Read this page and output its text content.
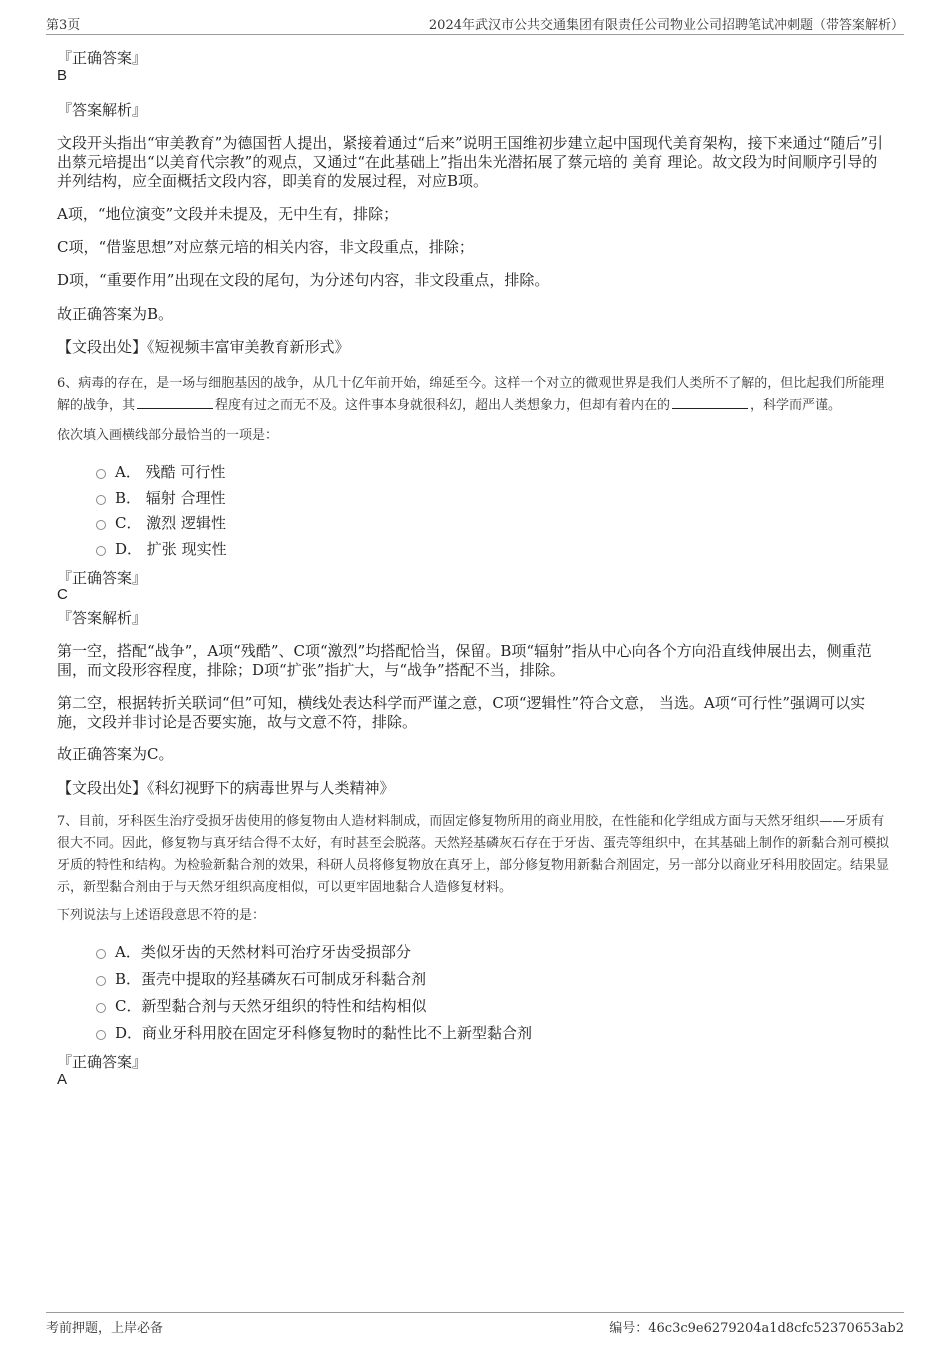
第3页	2024年武汉市公共交通集团有限责任公司物业公司招聘笔试冲刺题（带答案解析）
『正确答案』
B
『答案解析』
文段开头指出“审美教育”为德国哲人提出，紧接着通过“后来”说明王国维初步建立起中国现代美育架构，接下来通过“随后”引出蔡元培提出“以美育代宗教”的观点，又通过“在此基础上”指出朱光潜拓展了蔡元培的 美育 理论。故文段为时间顺序引导的并列结构，应全面概括文段内容，即美育的发展过程，对应B项。
A项，“地位演变”文段并未提及，无中生有，排除；
C项，“借鉴思想”对应蔡元培的相关内容，非文段重点，排除；
D项，“重要作用”出现在文段的尾句，为分述句内容，非文段重点，排除。
故正确答案为B。
【文段出处】《短视频丰富审美教育新形式》
6、病毒的存在，是一场与细胞基因的战争，从几十亿年前开始，绵延至今。这样一个对立的微观世界是我们人类所不了解的，但比起我们所能理解的战争，其	程度有过之而无不及。这件事本身就很科幻，超出人类想象力，但却有着内在的	，科学而严谨。
依次填入画横线部分最恰当的一项是：
A． 残酷 可行性
B． 辐射 合理性
C． 激烈 逻辑性
D． 扩张 现实性
『正确答案』
C
『答案解析』
第一空，搭配“战争”，A项“残酷”、C项“激烈”均搭配恰当，保留。B项“辐射”指从中心向各个方向沿直线伸展出去，侧重范围，而文段形容程度，排除；D项“扩张”指扩大，与“战争”搭配不当，排除。
第二空，根据转折关联词“但”可知，横线处表达科学而严谨之意，C项“逻辑性”符合文意， 当选。A项“可行性”强调可以实施，文段并非讨论是否要实施，故与文意不符，排除。
故正确答案为C。
【文段出处】《科幻视野下的病毒世界与人类精神》
7、目前，牙科医生治疗受损牙齿使用的修复物由人造材料制成，而固定修复物所用的商业用胶，在性能和化学组成方面与天然牙组织——牙质有很大不同。因此，修复物与真牙结合得不太好，有时甚至会脱落。天然羟基磷灰石存在于牙齿、蛋壳等组织中，在其基础上制作的新黏合剂可模拟牙质的特性和结构。为检验新黏合剂的效果，科研人员将修复物放在真牙上，部分修复物用新黏合剂固定，另一部分以商业牙科用胶固定。结果显示，新型黏合剂由于与天然牙组织高度相似，可以更牢固地黏合人造修复材料。
下列说法与上述语段意思不符的是：
A．类似牙齿的天然材料可治疗牙齿受损部分
B．蛋壳中提取的羟基磷灰石可制成牙科黏合剂
C．新型黏合剂与天然牙组织的特性和结构相似
D．商业牙科用胶在固定牙科修复物时的黏性比不上新型黏合剂
『正确答案』
A
考前押题，上岸必备	编号：46c3c9e6279204a1d8cfc52370653ab2
